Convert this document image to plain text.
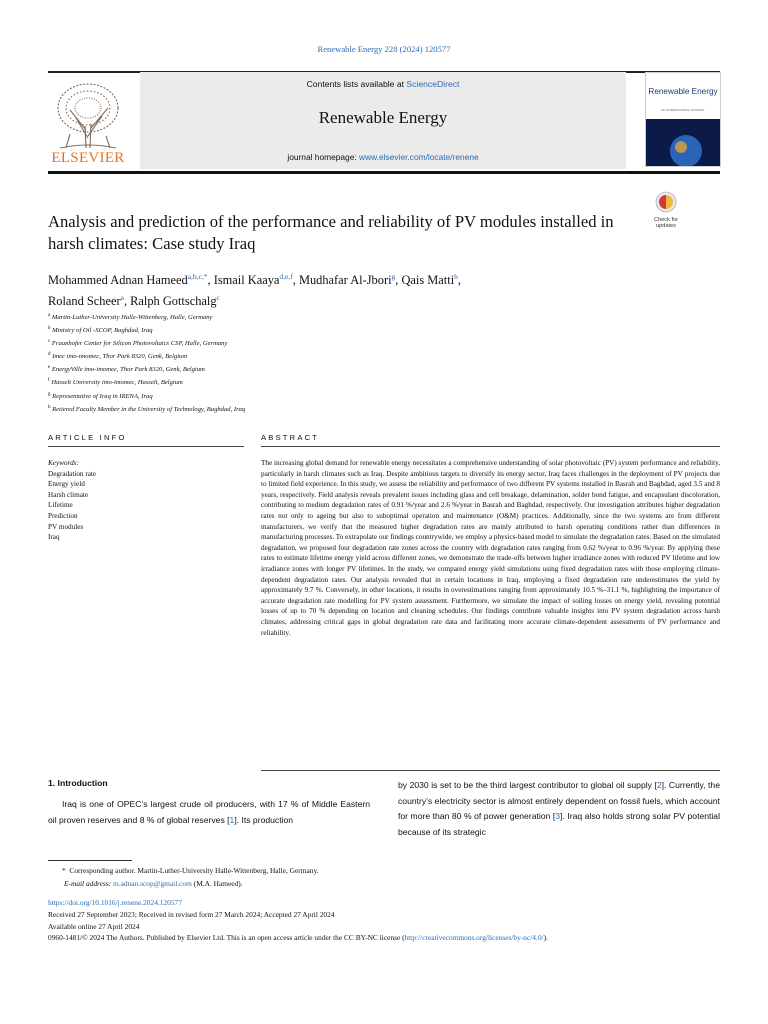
Renewable Energy 228 (2024) 120577
ELSEVIER
Contents lists available at ScienceDirect
Renewable Energy
journal homepage: www.elsevier.com/locate/renene
Renewable Energy
AN INTERNATIONAL JOURNAL
Analysis and prediction of the performance and reliability of PV modules installed in harsh climates: Case study Iraq
Check for
updates
Mohammed Adnan Hameed$^{a,b,c,*}$, Ismail Kaaya$^{d,e,f}$, Mudhafar Al-Jbori$^g$, Qais Matti$^h$,
Roland Scheer$^a$, Ralph Gottschalg$^c$
$^a$ Martin-Luther-University Halle-Wittenberg, Halle, Germany
$^b$ Ministry of Oil -SCOP, Baghdad, Iraq
$^c$ Fraunhofer Center for Silicon Photovoltaics CSP, Halle, Germany
$^d$ Imec imo-imomec, Thor Park 8320, Genk, Belgium
$^e$ EnergyVille imo-imomec, Thor Park 8320, Genk, Belgium
$^f$ Hasselt University imo-imomec, Hasselt, Belgium
$^g$ Representative of Iraq in IRENA, Iraq
$^h$ Retiered Faculty Member in the University of Technology, Baghdad, Iraq
ARTICLE INFO	ABSTRACT
Keywords:
Degradation rate
Energy yield
Harsh climate
Lifetime
Prediction
PV modules
Iraq
The increasing global demand for renewable energy necessitates a comprehensive understanding of solar photovoltaic (PV) system performance and reliability, particularly in harsh climates such as Iraq. Despite ambitious targets to diversify its energy sector, Iraq faces challenges in the deployment of PV projects due to limited field experience. In this study, we assess the reliability and performance of two different PV systems installed in Basrah and Baghdad, aged 3.5 and 8 years, respectively. Field analysis reveals prevalent issues including glass and cell breakage, delamination, solder bond fatigue, and encapsulant discoloration, contributing to medium degradation rates of 0.91 %/year and 2.6 %/year in Basrah and Baghdad, respectively. Our investigation attributes higher degradation rates not only to ageing but also to suboptimal operation and maintenance (O&M) practices. Additionally, since the two systems are from different manufacturers, we verify that the measured higher degradation rates are mainly attributed to harsh operating conditions rather than differences in manufacturing processes. To extrapolate our findings countrywide, we employ a physics-based model to simulate the degradation rates. Based on the simulated degradation, we proposed four degradation rate zones across the country with degradation rates ranging from 0.62 %/year to 0.96 %/year. By applying these rates to estimate lifetime energy yield across different zones, we demonstrate the trade-offs between higher irradiance zones with reduced PV lifetime and low irradiance zones with longer PV lifetimes. In the study, we compared energy yield simulations using fixed degradation rates with those employing climate-dependent degradation rates. Our analysis revealed that in certain locations in Iraq, employing a fixed degradation rate underestimates the yield by approximately 9.7 %. Conversely, in other locations, it results in overestimations ranging from approximately 10.5 %–31.1 %, highlighting the importance of accurate degradation rate modelling for PV system assessment. Furthermore, we simulate the impact of soiling losses on energy yield, revealing potential losses of up to 70 % depending on location and cleaning schedules. Our findings contribute valuable insights into PV system degradation across harsh climates, addressing critical gaps in global degradation rate data and facilitating more accurate climate-dependent assessments of PV performance and reliability.
1. Introduction
Iraq is one of OPEC’s largest crude oil producers, with 17 % of Middle Eastern oil proven reserves and 8 % of global reserves [1]. Its production
by 2030 is set to be the third largest contributor to global oil supply [2]. Currently, the country’s electricity sector is almost entirely dependent on fossil fuels, which account for more than 80 % of power generation [3]. Iraq also holds strong solar PV potential because of its strategic
* Corresponding author. Martin-Luther-University Halle-Wittenberg, Halle, Germany.
E-mail address: m.adnan.scop@gmail.com (M.A. Hameed).
https://doi.org/10.1016/j.renene.2024.120577
Received 27 September 2023; Received in revised form 27 March 2024; Accepted 27 April 2024
Available online 27 April 2024
0960-1481/© 2024 The Authors. Published by Elsevier Ltd. This is an open access article under the CC BY-NC license (http://creativecommons.org/licenses/by-nc/4.0/).
